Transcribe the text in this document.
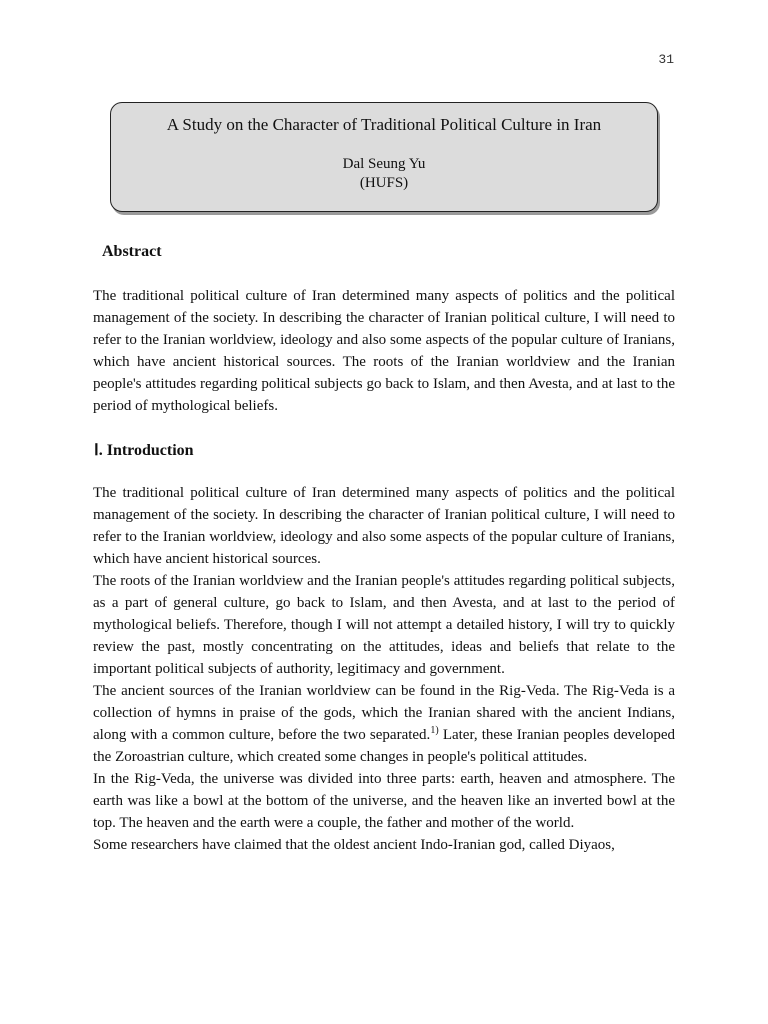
31
A Study on the Character of Traditional Political Culture in Iran
Dal Seung Yu
(HUFS)
Abstract

The traditional political culture of Iran determined many aspects of politics and the political management of the society. In describing the character of Iranian political culture, I will need to refer to the Iranian worldview, ideology and also some aspects of the popular culture of Iranians, which have ancient historical sources. The roots of the Iranian worldview and the Iranian people's attitudes regarding political subjects go back to Islam, and then Avesta, and at last to the period of mythological beliefs.

Ⅰ. Introduction

The traditional political culture of Iran determined many aspects of politics and the political management of the society. In describing the character of Iranian political culture, I will need to refer to the Iranian worldview, ideology and also some aspects of the popular culture of Iranians, which have ancient historical sources.

The roots of the Iranian worldview and the Iranian people's attitudes regarding political subjects, as a part of general culture, go back to Islam, and then Avesta, and at last to the period of mythological beliefs. Therefore, though I will not attempt a detailed history, I will try to quickly review the past, mostly concentrating on the attitudes, ideas and beliefs that relate to the important political subjects of authority, legitimacy and government.

The ancient sources of the Iranian worldview can be found in the Rig-Veda. The Rig-Veda is a collection of hymns in praise of the gods, which the Iranian shared with the ancient Indians, along with a common culture, before the two separated.$^{1)}$ Later, these Iranian peoples developed the Zoroastrian culture, which created some changes in people's political attitudes.

In the Rig-Veda, the universe was divided into three parts: earth, heaven and atmosphere. The earth was like a bowl at the bottom of the universe, and the heaven like an inverted bowl at the top. The heaven and the earth were a couple, the father and mother of the world.

Some researchers have claimed that the oldest ancient Indo-Iranian god, called Diyaos,
